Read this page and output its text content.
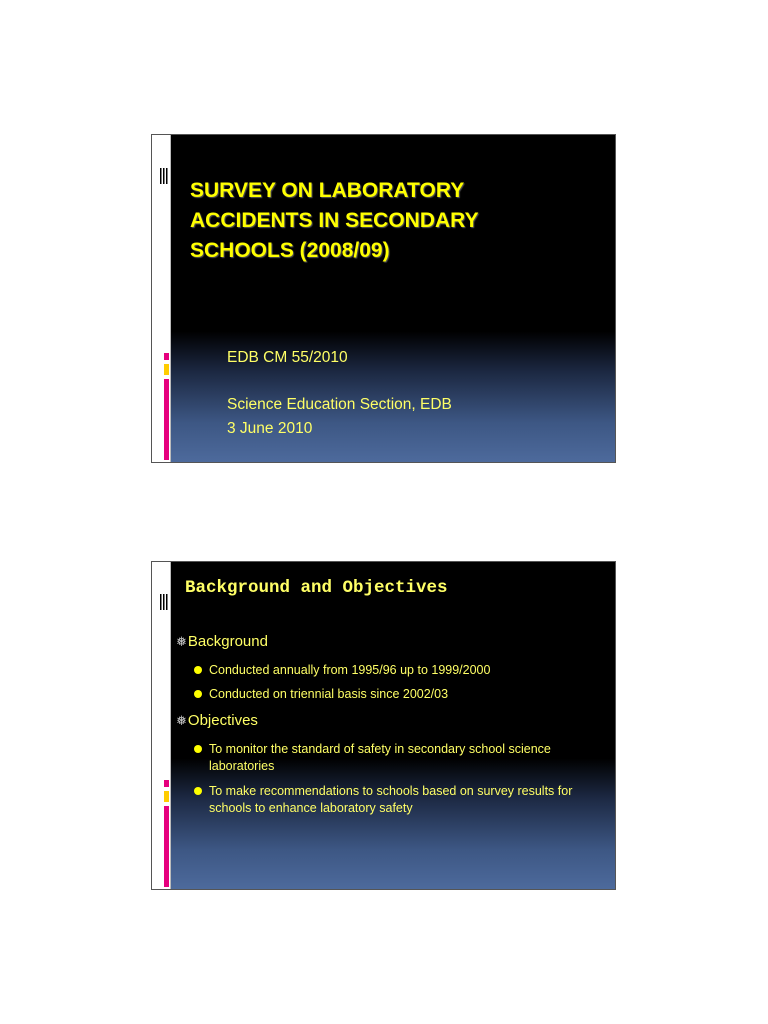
SURVEY ON LABORATORY
ACCIDENTS IN SECONDARY
SCHOOLS (2008/09)

EDB CM 55/2010

Science Education Section, EDB

3 June 2010

Background and Objectives

❅Background

Conducted annually from 1995/96 up to 1999/2000

Conducted on triennial basis since 2002/03

❅Objectives

To monitor the standard of safety in secondary school science laboratories

To make recommendations to schools based on survey results for schools to enhance laboratory safety
